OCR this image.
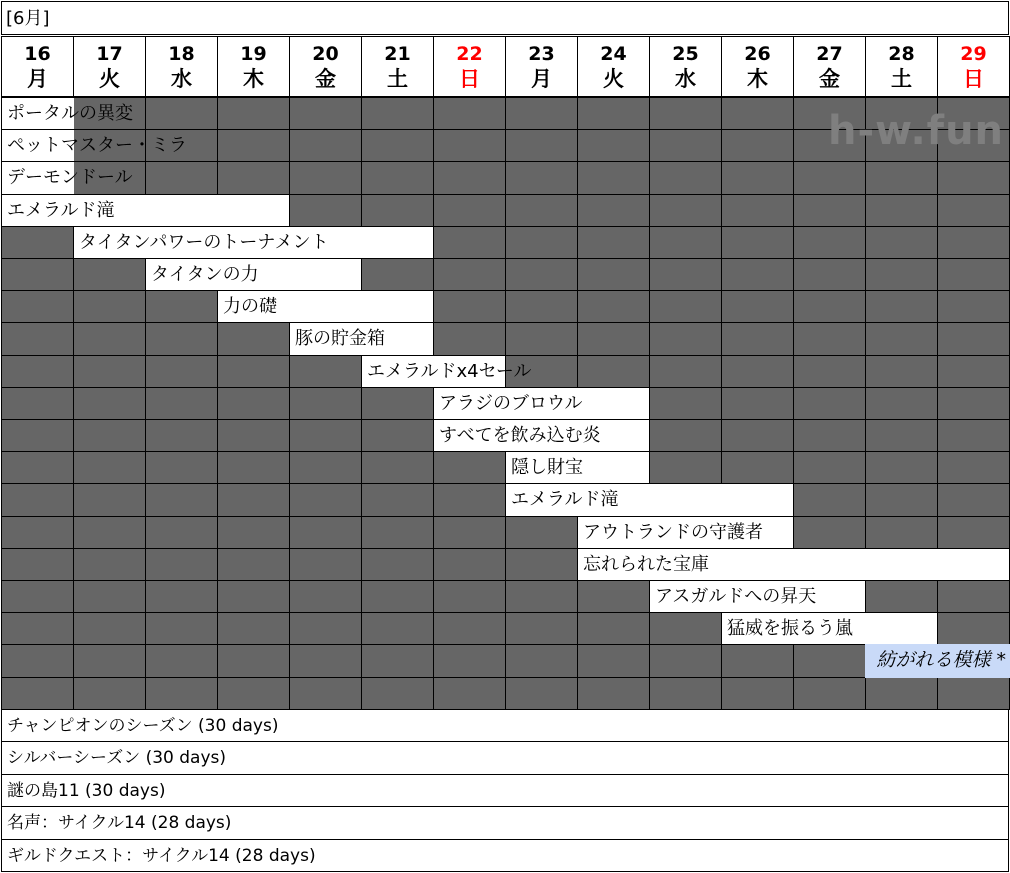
[6月]
16
月
17
火
18
水
19
木
20
金
21
土
22
日
23
月
24
火
25
水
26
木
27
金
28
土
29
日
ポータルの異変
ペットマスター・ミラ
デーモンドール
エメラルド滝
タイタンパワーのトーナメント
タイタンの力
力の礎
豚の貯金箱
エメラルドx4セール
アラジのブロウル
すべてを飲み込む炎
隠し財宝
エメラルド滝
アウトランドの守護者
忘れられた宝庫
アスガルドへの昇天
猛威を振るう嵐
紡がれる模様 *
h-w.fun
チャンピオンのシーズン (30 days)
シルバーシーズン (30 days)
謎の島11 (30 days)
名声：サイクル14 (28 days)
ギルドクエスト：サイクル14 (28 days)
